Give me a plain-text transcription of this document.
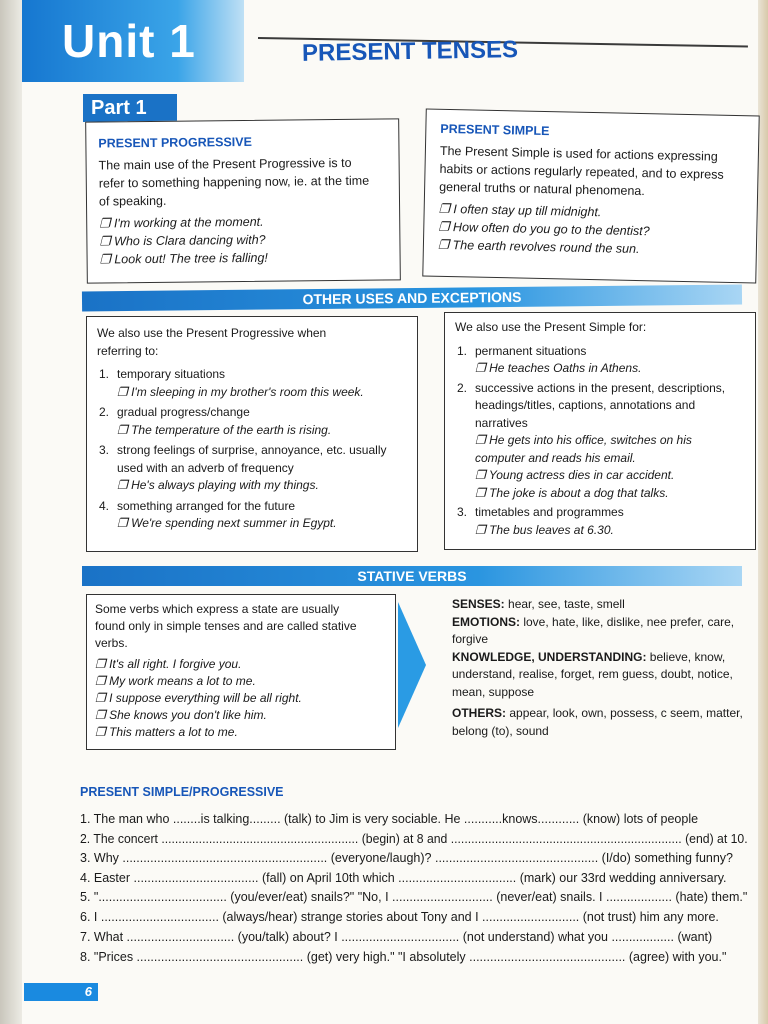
Unit 1	PRESENT TENSES
Part 1
PRESENT PROGRESSIVE
The main use of the Present Progressive is to refer to something happening now, ie. at the time of speaking.
❐ I'm working at the moment.
❐ Who is Clara dancing with?
❐ Look out! The tree is falling!
PRESENT SIMPLE
The Present Simple is used for actions expressing habits or actions regularly repeated, and to express general truths or natural phenomena.
❐ I often stay up till midnight.
❐ How often do you go to the dentist?
❐ The earth revolves round the sun.
OTHER USES AND EXCEPTIONS
We also use the Present Progressive when referring to:
1. temporary situations
❐ I'm sleeping in my brother's room this week.
2. gradual progress/change
❐ The temperature of the earth is rising.
3. strong feelings of surprise, annoyance, etc. usually used with an adverb of frequency
❐ He's always playing with my things.
4. something arranged for the future
❐ We're spending next summer in Egypt.
We also use the Present Simple for:
1. permanent situations
❐ He teaches Oaths in Athens.
2. successive actions in the present, descriptions, headings/titles, captions, annotations and narratives
❐ He gets into his office, switches on his computer and reads his email.
❐ Young actress dies in car accident.
❐ The joke is about a dog that talks.
3. timetables and programmes
❐ The bus leaves at 6.30.
STATIVE VERBS
Some verbs which express a state are usually found only in simple tenses and are called stative verbs.
❐ It's all right. I forgive you.
❐ My work means a lot to me.
❐ I suppose everything will be all right.
❐ She knows you don't like him.
❐ This matters a lot to me.
SENSES: hear, see, taste, smell
EMOTIONS: love, hate, like, dislike, nee prefer, care, forgive
KNOWLEDGE, UNDERSTANDING: believe, know, understand, realise, forget, rem guess, doubt, notice, mean, suppose
OTHERS: appear, look, own, possess, c seem, matter, belong (to), sound
PRESENT SIMPLE/PROGRESSIVE
1. The man who ........is talking......... (talk) to Jim is very sociable. He ...........knows............ (know) lots of people
2. The concert .......................................................... (begin) at 8 and .................................................................... (end) at 10.
3. Why ........................................................... (everyone/laugh)? ............................................... (I/do) something funny?
4. Easter .................................... (fall) on April 10th which .................................. (mark) our 33rd wedding anniversary.
5. "..................................... (you/ever/eat) snails?" "No, I ............................. (never/eat) snails. I ................... (hate) them."
6. I .................................. (always/hear) strange stories about Tony and I ............................ (not trust) him any more.
7. What ............................... (you/talk) about? I .................................. (not understand) what you .................. (want)
8. "Prices ................................................ (get) very high." "I absolutely ............................................. (agree) with you."
6
